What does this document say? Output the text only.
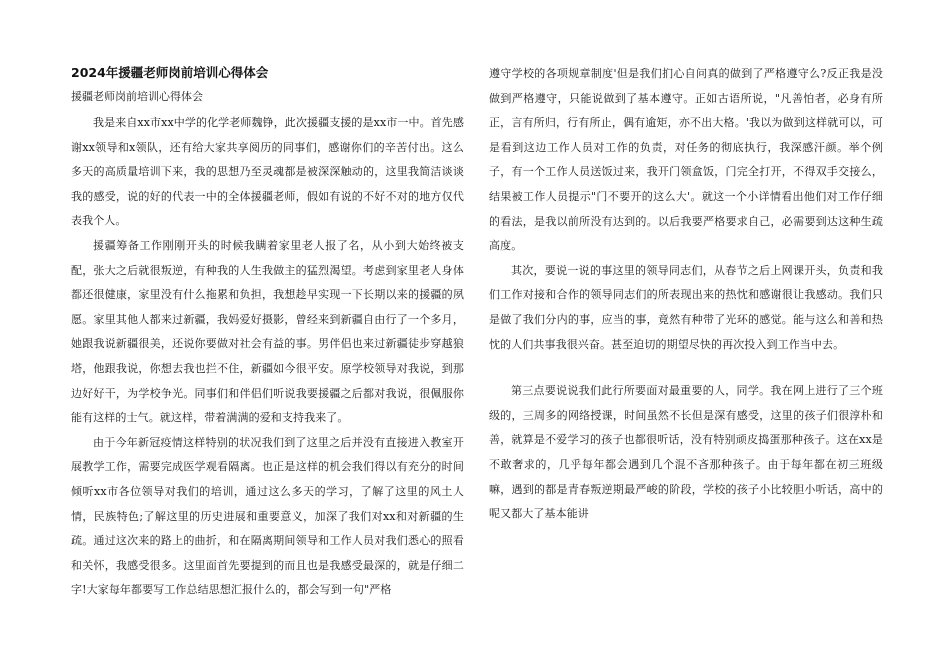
2024年援疆老师岗前培训心得体会

援疆老师岗前培训心得体会

我是来自xx市xx中学的化学老师魏铮，此次援疆支援的是xx市一中。首先感谢xx领导和x领队，还有给大家共享阅历的同事们，感谢你们的辛苦付出。这么多天的高质量培训下来，我的思想乃至灵魂都是被深深触动的，这里我简洁谈谈我的感受，说的好的代表一中的全体援疆老师，假如有说的不好不对的地方仅代表我个人。

援疆筹备工作刚刚开头的时候我瞒着家里老人报了名，从小到大始终被支配，张大之后就很叛逆，有种我的人生我做主的猛烈渴望。考虑到家里老人身体都还很健康，家里没有什么拖累和负担，我想趁早实现一下长期以来的援疆的夙愿。家里其他人都来过新疆，我妈爱好摄影，曾经来到新疆自由行了一个多月，她跟我说新疆很美，还说你要做对社会有益的事。男伴侣也来过新疆徒步穿越狼塔，他跟我说，你想去我也拦不住，新疆如今很平安。原学校领导对我说，到那边好好干，为学校争光。同事们和伴侣们听说我要援疆之后都对我说，很佩服你能有这样的士气。就这样，带着满满的爱和支持我来了。

由于今年新冠疫情这样特别的状况我们到了这里之后并没有直接进入教室开展教学工作，需要完成医学观看隔离。也正是这样的机会我们得以有充分的时间倾听xx市各位领导对我们的培训，通过这么多天的学习，了解了这里的风土人情，民族特色;了解这里的历史进展和重要意义，加深了我们对xx和对新疆的生疏。通过这次来的路上的曲折，和在隔离期间领导和工作人员对我们悉心的照看和关怀，我感受很多。这里面首先要提到的而且也是我感受最深的，就是仔细二字!大家每年都要写工作总结思想汇报什么的，都会写到一句"严格

遵守学校的各项规章制度'但是我们扪心自问真的做到了严格遵守么?反正我是没做到严格遵守，只能说做到了基本遵守。正如古语所说，"凡善怕者，必身有所正，言有所归，行有所止，偶有逾矩，亦不出大格。'我以为做到这样就可以，可是看到这边工作人员对工作的负责，对任务的彻底执行，我深感汗颜。举个例子，有一个工作人员送饭过来，我开门领盒饭，门完全打开，不得双手交接么，结果被工作人员提示"门不要开的这么大'。就这一个小详情看出他们对工作仔细的看法，是我以前所没有达到的。以后我要严格要求自己，必需要到达这种生疏高度。

其次，要说一说的事这里的领导同志们，从春节之后上网课开头，负责和我们工作对接和合作的领导同志们的所表现出来的热忱和感谢很让我感动。我们只是做了我们分内的事，应当的事，竟然有种带了光环的感觉。能与这么和善和热忱的人们共事我很兴奋。甚至迫切的期望尽快的再次投入到工作当中去。

第三点要说说我们此行所要面对最重要的人，同学。我在网上进行了三个班级的，三周多的网络授课，时间虽然不长但是深有感受，这里的孩子们很淳朴和善，就算是不爱学习的孩子也都很听话，没有特别顽皮捣蛋那种孩子。这在xx是不敢奢求的，几乎每年都会遇到几个混不吝那种孩子。由于每年都在初三班级嘛，遇到的都是青春叛逆期最严峻的阶段，学校的孩子小比较胆小听话，高中的呢又都大了基本能讲
